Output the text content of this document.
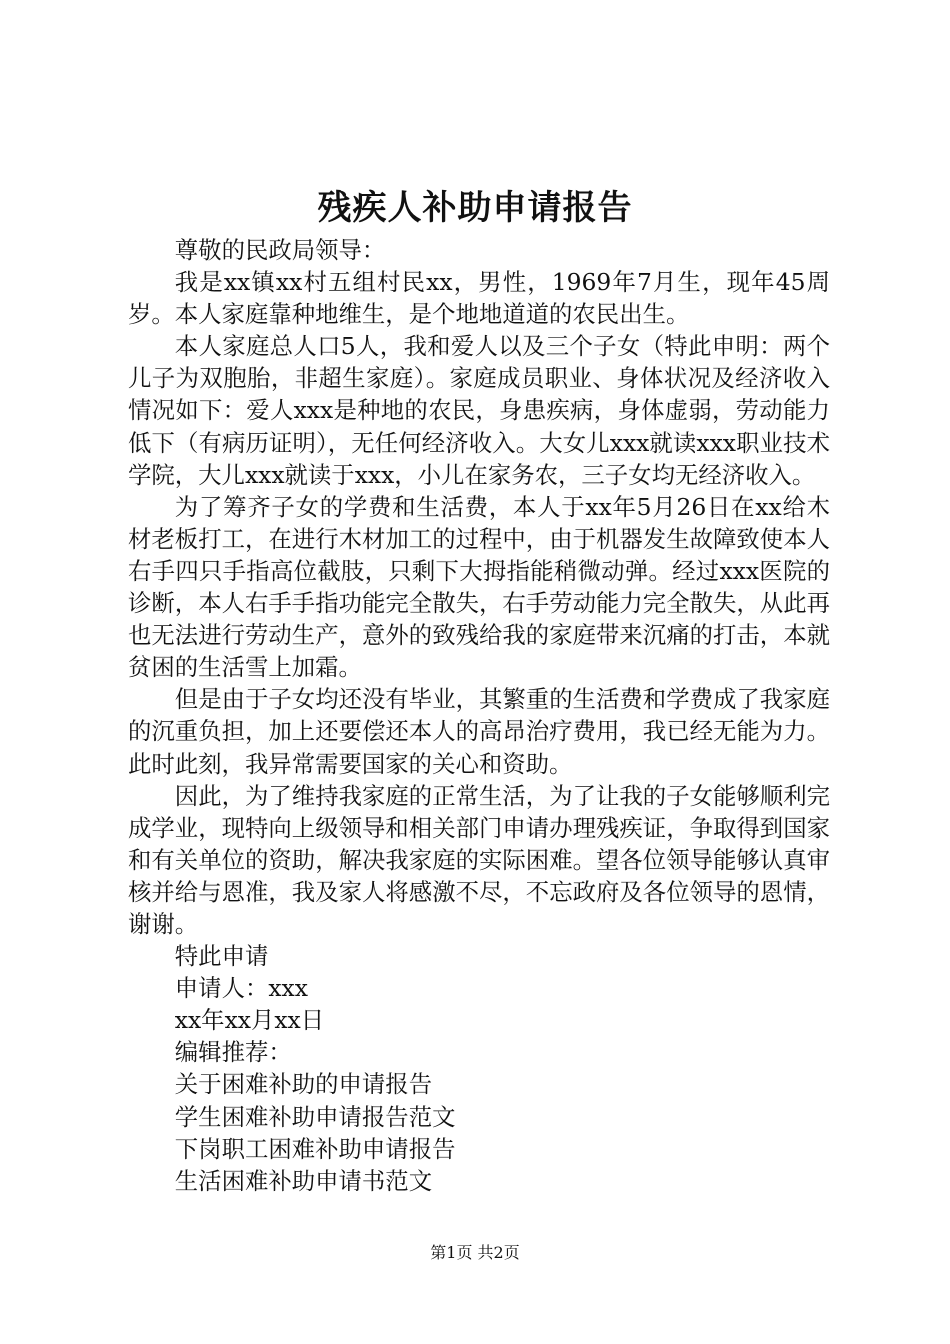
残疾人补助申请报告

尊敬的民政局领导：

我是xx镇xx村五组村民xx，男性，1969年7月生，现年45周岁。本人家庭靠种地维生，是个地地道道的农民出生。

本人家庭总人口5人，我和爱人以及三个子女（特此申明：两个儿子为双胞胎，非超生家庭）。家庭成员职业、身体状况及经济收入情况如下：爱人xxx是种地的农民，身患疾病，身体虚弱，劳动能力低下（有病历证明），无任何经济收入。大女儿xxx就读xxx职业技术学院，大儿xxx就读于xxx，小儿在家务农，三子女均无经济收入。

为了筹齐子女的学费和生活费，本人于xx年5月26日在xx给木材老板打工，在进行木材加工的过程中，由于机器发生故障致使本人右手四只手指高位截肢，只剩下大拇指能稍微动弹。经过xxx医院的诊断，本人右手手指功能完全散失，右手劳动能力完全散失，从此再也无法进行劳动生产，意外的致残给我的家庭带来沉痛的打击，本就贫困的生活雪上加霜。

但是由于子女均还没有毕业，其繁重的生活费和学费成了我家庭的沉重负担，加上还要偿还本人的高昂治疗费用，我已经无能为力。此时此刻，我异常需要国家的关心和资助。

因此，为了维持我家庭的正常生活，为了让我的子女能够顺利完成学业，现特向上级领导和相关部门申请办理残疾证，争取得到国家和有关单位的资助，解决我家庭的实际困难。望各位领导能够认真审核并给与恩准，我及家人将感激不尽，不忘政府及各位领导的恩情，谢谢。

特此申请

申请人：xxx

xx年xx月xx日

编辑推荐：

关于困难补助的申请报告

学生困难补助申请报告范文

下岗职工困难补助申请报告

生活困难补助申请书范文

第1页 共2页
